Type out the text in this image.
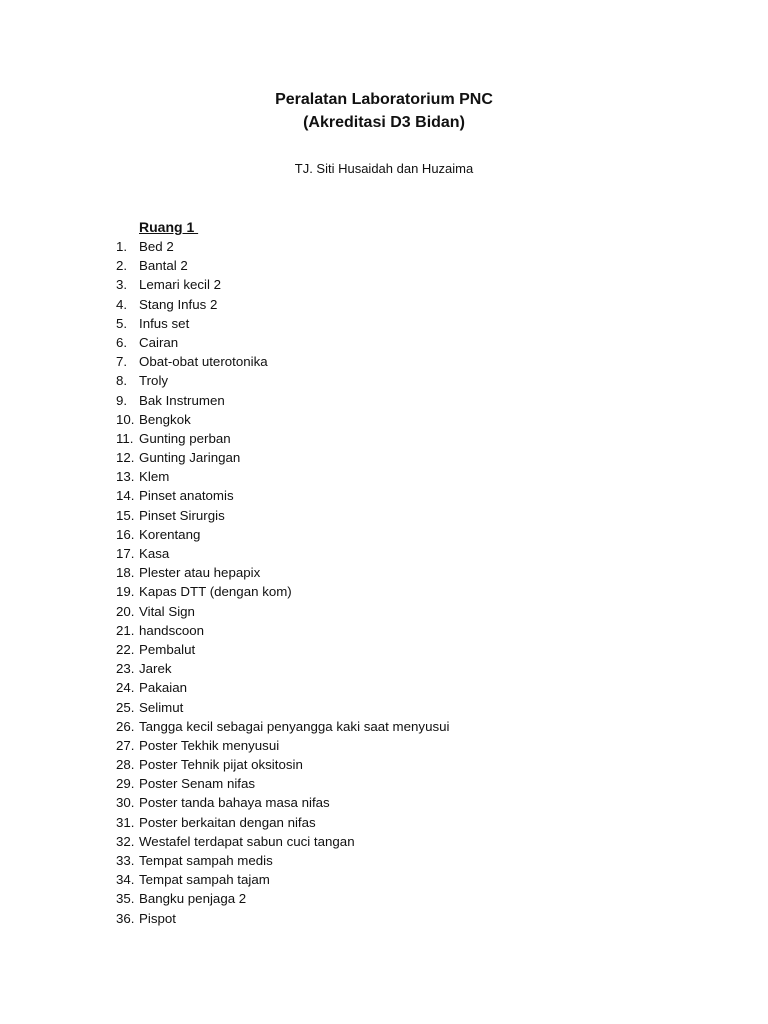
Peralatan Laboratorium PNC
(Akreditasi D3 Bidan)
TJ. Siti Husaidah dan Huzaima
Ruang 1
1. Bed 2
2. Bantal 2
3. Lemari kecil 2
4. Stang Infus 2
5. Infus set
6. Cairan
7. Obat-obat uterotonika
8. Troly
9. Bak Instrumen
10. Bengkok
11. Gunting perban
12. Gunting Jaringan
13. Klem
14. Pinset anatomis
15. Pinset Sirurgis
16. Korentang
17. Kasa
18. Plester atau hepapix
19. Kapas DTT (dengan kom)
20. Vital Sign
21. handscoon
22. Pembalut
23. Jarek
24. Pakaian
25. Selimut
26. Tangga kecil sebagai penyangga kaki saat menyusui
27. Poster Tekhik menyusui
28. Poster Tehnik pijat oksitosin
29. Poster Senam nifas
30. Poster tanda bahaya masa nifas
31. Poster berkaitan dengan nifas
32. Westafel terdapat sabun cuci tangan
33. Tempat sampah medis
34. Tempat sampah tajam
35. Bangku penjaga 2
36. Pispot
